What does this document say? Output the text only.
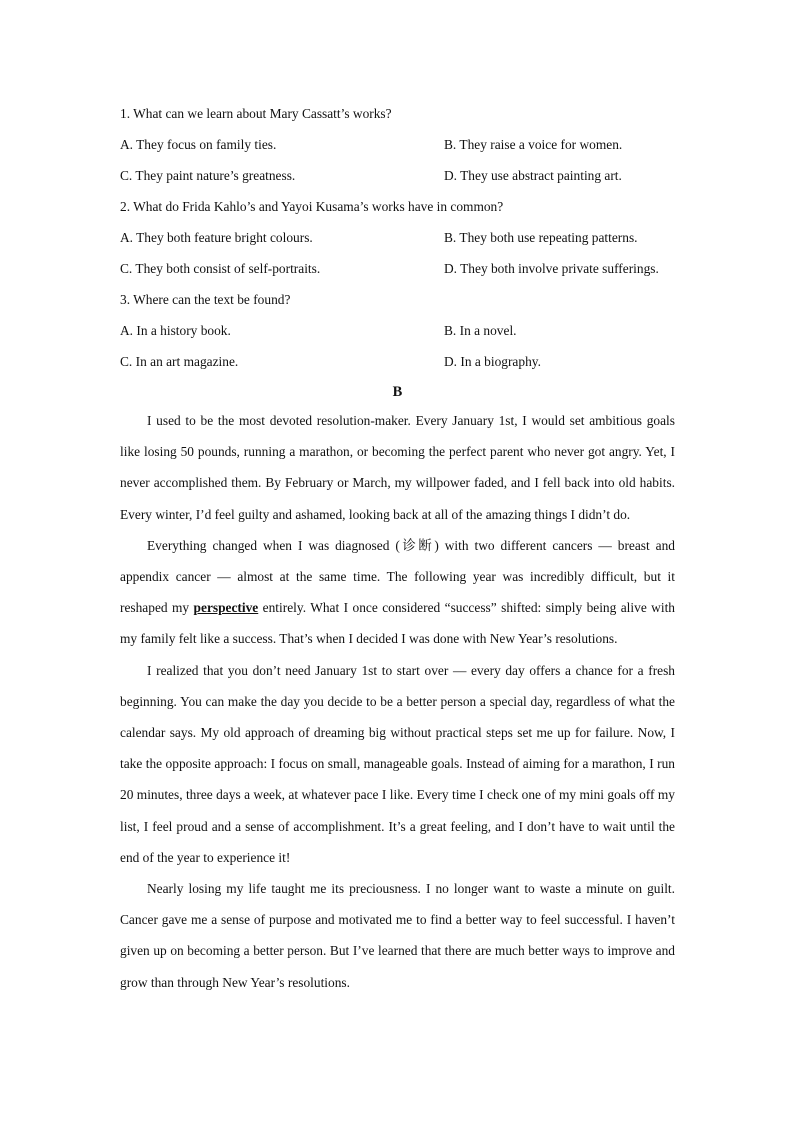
1. What can we learn about Mary Cassatt’s works?
A. They focus on family ties.	B. They raise a voice for women.
C. They paint nature’s greatness.	D. They use abstract painting art.
2. What do Frida Kahlo’s and Yayoi Kusama’s works have in common?
A. They both feature bright colours.	B. They both use repeating patterns.
C. They both consist of self-portraits.	D. They both involve private sufferings.
3. Where can the text be found?
A. In a history book.	B. In a novel.
C. In an art magazine.	D. In a biography.
B

I used to be the most devoted resolution-maker. Every January 1st, I would set ambitious goals like losing 50 pounds, running a marathon, or becoming the perfect parent who never got angry. Yet, I never accomplished them. By February or March, my willpower faded, and I fell back into old habits. Every winter, I’d feel guilty and ashamed, looking back at all of the amazing things I didn’t do.

Everything changed when I was diagnosed (诊断) with two different cancers — breast and appendix cancer — almost at the same time. The following year was incredibly difficult, but it reshaped my perspective entirely. What I once considered “success” shifted: simply being alive with my family felt like a success. That’s when I decided I was done with New Year’s resolutions.

I realized that you don’t need January 1st to start over — every day offers a chance for a fresh beginning. You can make the day you decide to be a better person a special day, regardless of what the calendar says. My old approach of dreaming big without practical steps set me up for failure. Now, I take the opposite approach: I focus on small, manageable goals. Instead of aiming for a marathon, I run 20 minutes, three days a week, at whatever pace I like. Every time I check one of my mini goals off my list, I feel proud and a sense of accomplishment. It’s a great feeling, and I don’t have to wait until the end of the year to experience it!

Nearly losing my life taught me its preciousness. I no longer want to waste a minute on guilt. Cancer gave me a sense of purpose and motivated me to find a better way to feel successful. I haven’t given up on becoming a better person. But I’ve learned that there are much better ways to improve and grow than through New Year’s resolutions.
